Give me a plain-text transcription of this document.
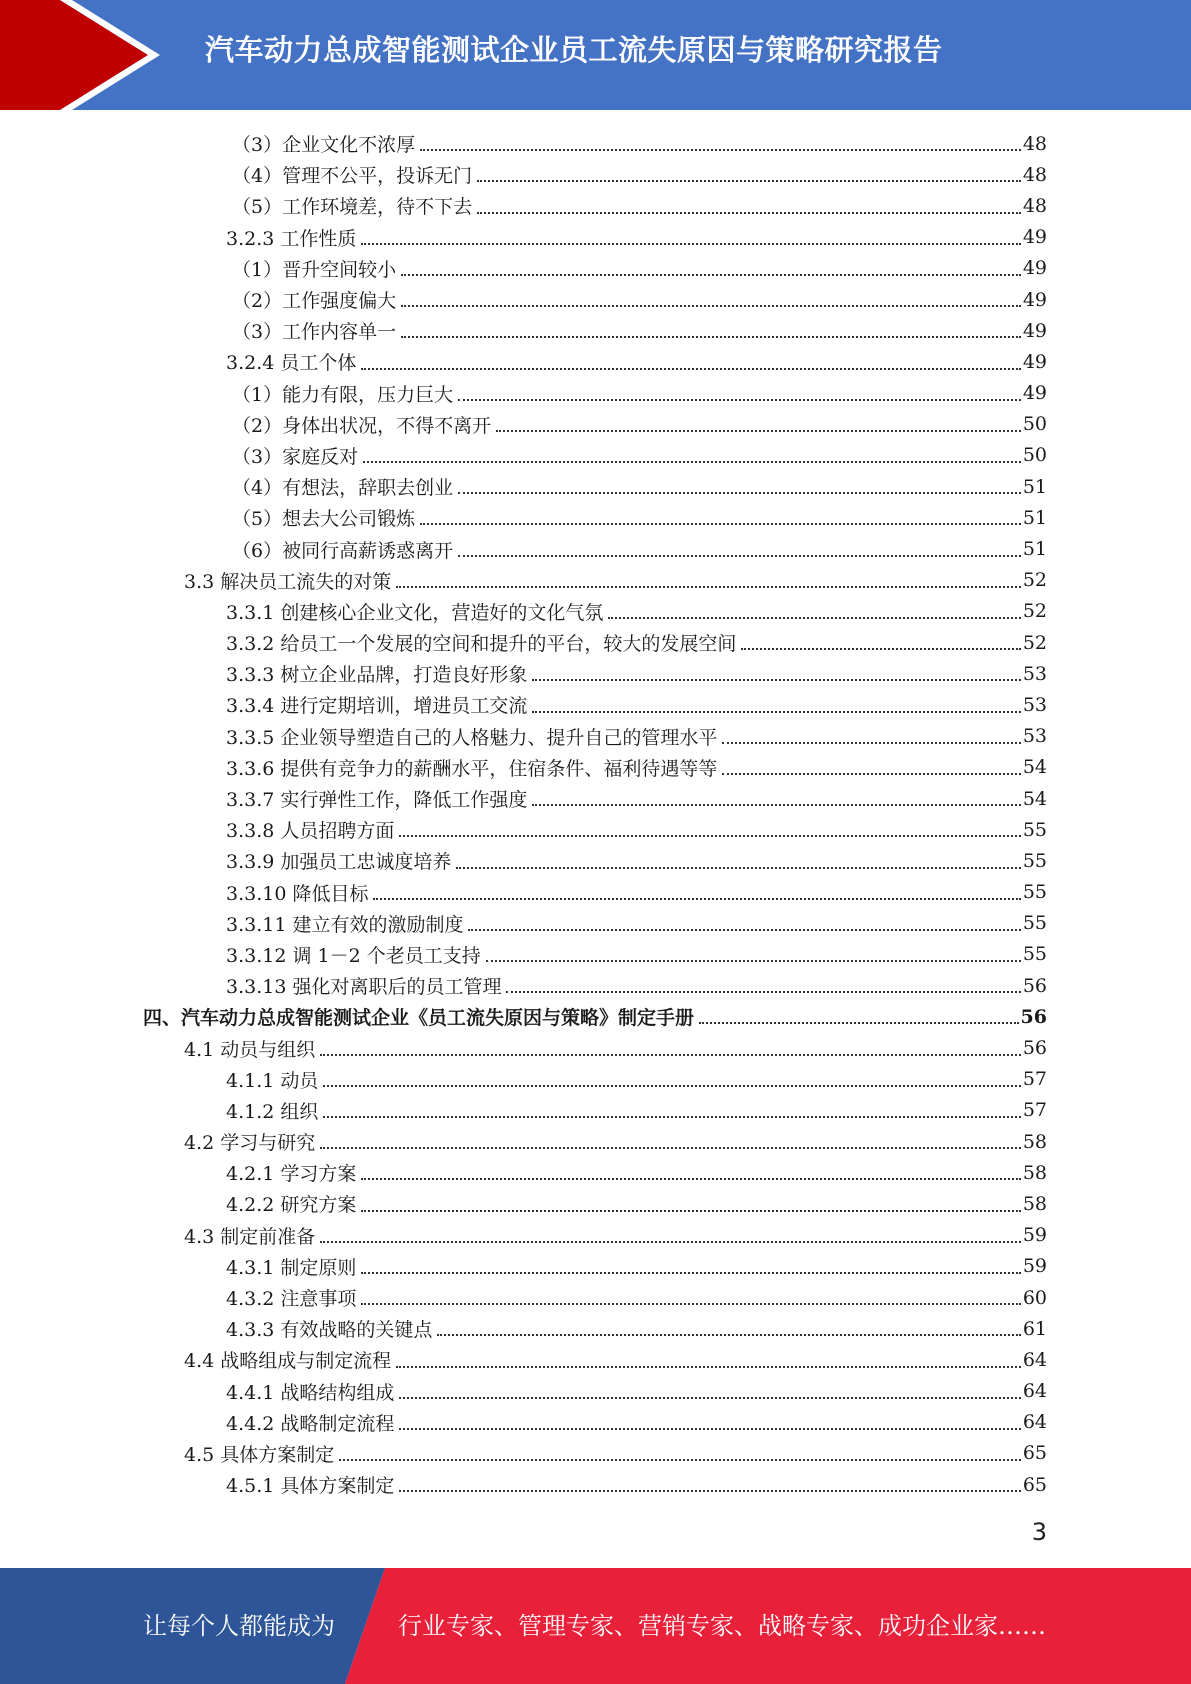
汽车动力总成智能测试企业员工流失原因与策略研究报告
（3）企业文化不浓厚	48
（4）管理不公平，投诉无门	48
（5）工作环境差，待不下去	48
3.2.3 工作性质	49
（1）晋升空间较小	49
（2）工作强度偏大	49
（3）工作内容单一	49
3.2.4 员工个体	49
（1）能力有限，压力巨大	49
（2）身体出状况，不得不离开	50
（3）家庭反对	50
（4）有想法，辞职去创业	51
（5）想去大公司锻炼	51
（6）被同行高薪诱惑离开	51
3.3 解决员工流失的对策	52
3.3.1 创建核心企业文化，营造好的文化气氛	52
3.3.2 给员工一个发展的空间和提升的平台，较大的发展空间	52
3.3.3 树立企业品牌，打造良好形象	53
3.3.4 进行定期培训，增进员工交流	53
3.3.5 企业领导塑造自己的人格魅力、提升自己的管理水平	53
3.3.6 提供有竞争力的薪酬水平，住宿条件、福利待遇等等	54
3.3.7 实行弹性工作，降低工作强度	54
3.3.8 人员招聘方面	55
3.3.9 加强员工忠诚度培养	55
3.3.10 降低目标	55
3.3.11 建立有效的激励制度	55
3.3.12 调 1－2 个老员工支持	55
3.3.13 强化对离职后的员工管理	56
四、汽车动力总成智能测试企业《员工流失原因与策略》制定手册	56
4.1 动员与组织	56
4.1.1 动员	57
4.1.2 组织	57
4.2 学习与研究	58
4.2.1 学习方案	58
4.2.2 研究方案	58
4.3 制定前准备	59
4.3.1 制定原则	59
4.3.2 注意事项	60
4.3.3 有效战略的关键点	61
4.4 战略组成与制定流程	64
4.4.1 战略结构组成	64
4.4.2 战略制定流程	64
4.5 具体方案制定	65
4.5.1 具体方案制定	65
3
让每个人都能成为	行业专家、管理专家、营销专家、战略专家、成功企业家……
